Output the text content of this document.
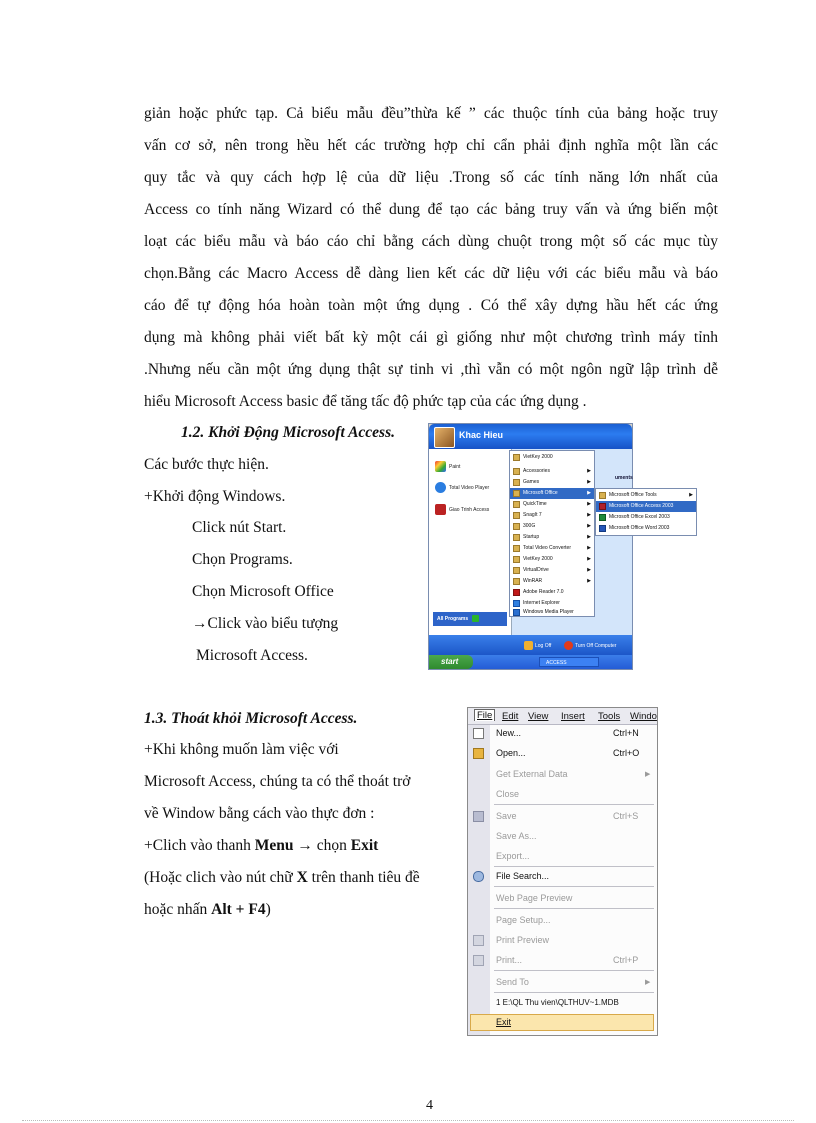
giản hoặc phức tạp. Cả biểu mẫu đều”thừa kế ” các thuộc tính của bảng hoặc truy
vấn cơ sở, nên trong hều hết các trường hợp chỉ cẩn phải định nghĩa một lần các
quy tắc và quy cách hợp lệ của dữ liệu .Trong số các tính năng lớn nhất của
Access co tính năng Wizard có thể dung để tạo các bảng truy vấn và ứng biến một
loạt các biểu mẫu và báo cáo chỉ bằng cách dùng chuột trong một số các mục tùy
chọn.Bằng các Macro Access dễ dàng lien kết các dữ liệu với các biểu mẫu và báo
cáo để tự động hóa hoàn toàn một ứng dụng . Có thể xây dựng hầu hết các ứng
dụng mà không phải viết bất kỳ một cái gì giống như một chương trình máy tỉnh
.Nhưng nếu cần một ứng dụng thật sự tinh vi ,thì vẫn có một ngôn ngữ lập trình dễ
hiểu Microsoft Access basic để tăng tấc độ phức tạp của các ứng dụng .
1.2. Khởi Động Microsoft Access.
Các bước thực hiện.
+Khởi động Windows.
Click nút Start.
Chọn Programs.
Chọn Microsoft Office
→Click vào biểu tượng
Microsoft Access.
Khac Hieu
Paint
Total Video Player
Giao Trinh Access
All Programs
uments
Log Off	Turn Off Computer
start	ACCESS
VietKey 2000
Accessories	▶
Games	▶
Microsoft Office	▶
QuickTime	▶
SnagIt 7	▶
300G	▶
Startup	▶
Total Video Converter	▶
VietKey 2000	▶
VirtualDrive	▶
WinRAR	▶
Adobe Reader 7.0
Internet Explorer
Windows Media Player
Microsoft Office Tools	▶
Microsoft Office Access 2003
Microsoft Office Excel 2003
Microsoft Office Word 2003
1.3. Thoát khỏi Microsoft Access.
+Khi không muốn làm việc với
Microsoft Access, chúng ta có thể thoát trở
về Window bằng cách vào thực đơn :
+Clich vào thanh Menu → chọn Exit
(Hoặc clich vào nút chữ X trên thanh tiêu đề
hoặc nhấn Alt + F4)
File	Edit View Insert Tools Windo
New...	Ctrl+N
Open...	Ctrl+O
Get External Data	▶
Close
Save	Ctrl+S
Save As...
Export...
File Search...
Web Page Preview
Page Setup...
Print Preview
Print...	Ctrl+P
Send To	▶
1 E:\QL Thu vien\QLTHUV~1.MDB
Exit
4
